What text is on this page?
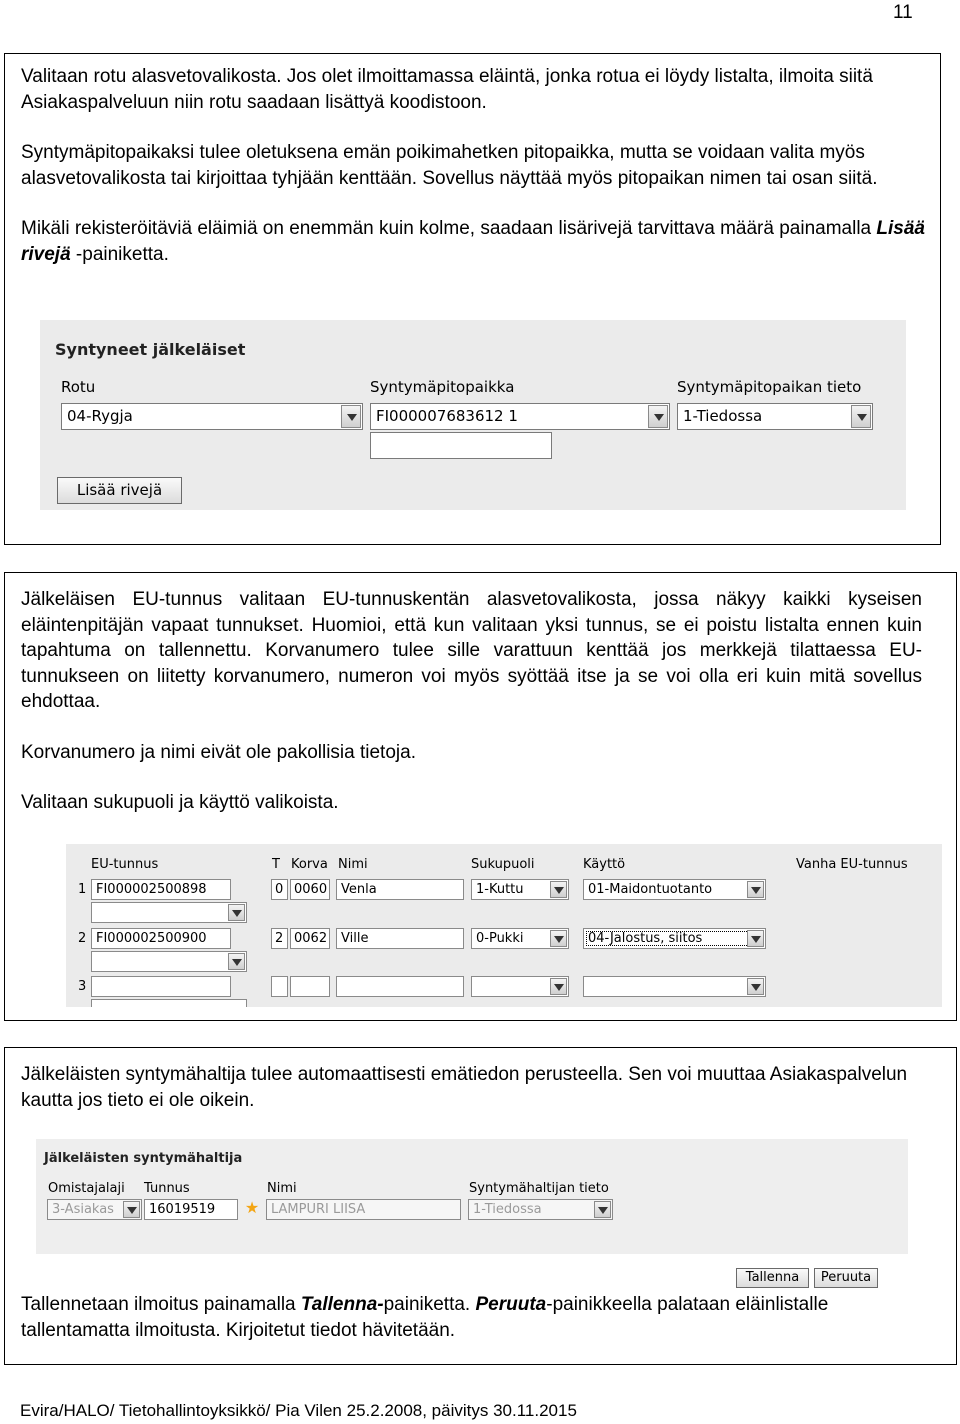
11

Valitaan rotu alasvetovalikosta. Jos olet ilmoittamassa eläintä, jonka rotua ei löydy listalta, ilmoita siitä Asiakaspalveluun niin rotu saadaan lisättyä koodistoon.

Syntymäpitopaikaksi tulee oletuksena emän poikimahetken pitopaikka, mutta se voidaan valita myös alasvetovalikosta tai kirjoittaa tyhjään kenttään. Sovellus näyttää myös pitopaikan nimen tai osan siitä.

Mikäli rekisteröitäviä eläimiä on enemmän kuin kolme, saadaan lisärivejä tarvittava määrä painamalla Lisää rivejä -painiketta.

Syntyneet jälkeläiset
Rotu	Syntymäpitopaikka	Syntymäpitopaikan tieto
04-Rygja	FI000007683612 1	1-Tiedossa
Lisää rivejä

Jälkeläisen EU-tunnus valitaan EU-tunnuskentän alasvetovalikosta, jossa näkyy kaikki kyseisen eläintenpitäjän vapaat tunnukset. Huomioi, että kun valitaan yksi tunnus, se ei poistu listalta ennen kuin tapahtuma on tallennettu. Korvanumero tulee sille varattuun kenttää jos merkkejä tilattaessa EU-tunnukseen on liitetty korvanumero, numeron voi myös syöttää itse ja se voi olla eri kuin mitä sovellus ehdottaa.

Korvanumero ja nimi eivät ole pakollisia tietoja.

Valitaan sukupuoli ja käyttö valikoista.

EU-tunnus	T Korva Nimi	Sukupuoli	Käyttö	Vanha EU-tunnus
1 FI000002500898	0 0060	Venla	1-Kuttu	01-Maidontuotanto
2 FI000002500900	2 0062	Ville	0-Pukki	04-Jalostus, siitos
3

Jälkeläisten syntymähaltija tulee automaattisesti emätiedon perusteella. Sen voi muuttaa Asiakaspalvelun kautta jos tieto ei ole oikein.

Tallennetaan ilmoitus painamalla Tallenna-painiketta. Peruuta-painikkeella palataan eläinlistalle tallentamatta ilmoitusta. Kirjoitetut tiedot hävitetään.

Jälkeläisten syntymähaltija
Omistajalaji Tunnus	Nimi	Syntymähaltijan tieto
3-Asiakas	16019519	★ LAMPURI LIISA	1-Tiedossa
Tallenna	Peruuta
Evira/HALO/ Tietohallintoyksikkö/ Pia Vilen 25.2.2008, päivitys 30.11.2015
